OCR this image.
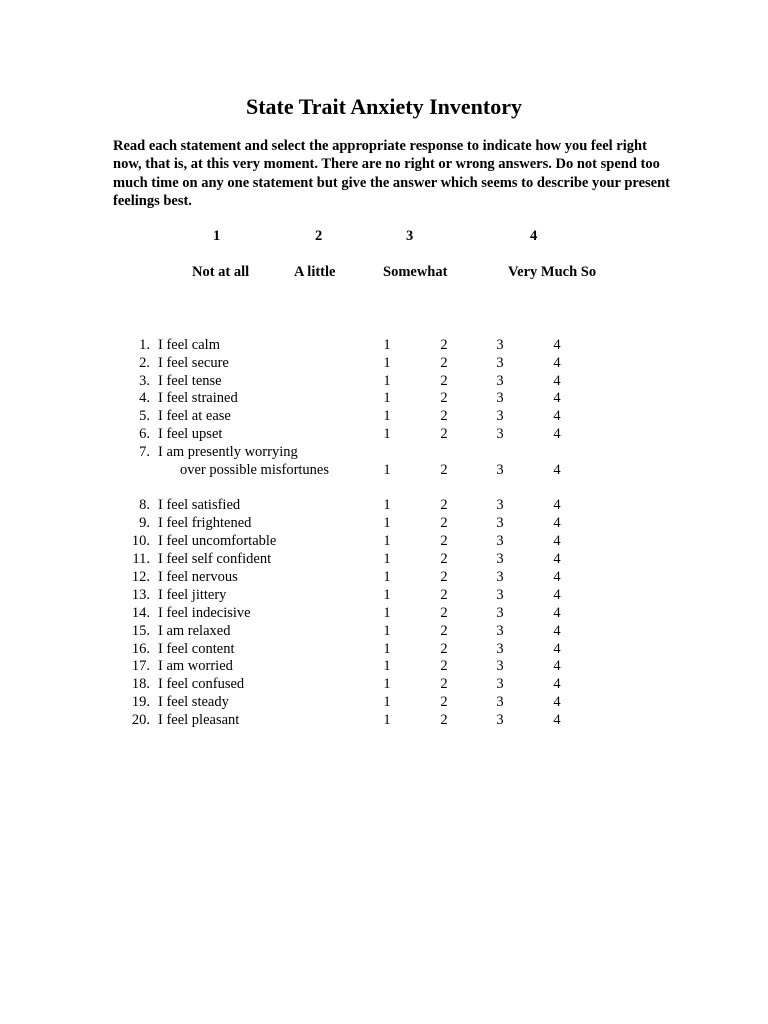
State Trait Anxiety Inventory

Read each statement and select the appropriate response to indicate how you feel right now, that is, at this very moment. There are no right or wrong answers. Do not spend too much time on any one statement but give the answer which seems to describe your present feelings best.

1	2	3	4
Not at all	A little	Somewhat	Very Much So
1. I feel calm	1	2	3	4
2. I feel secure	1	2	3	4
3. I feel tense	1	2	3	4
4. I feel strained	1	2	3	4
5. I feel at ease	1	2	3	4
6. I feel upset	1	2	3	4
7. I am presently worrying
over possible misfortunes	1	2	3	4
8. I feel satisfied	1	2	3	4
9. I feel frightened	1	2	3	4
10. I feel uncomfortable	1	2	3	4
11. I feel self confident	1	2	3	4
12. I feel nervous	1	2	3	4
13. I feel jittery	1	2	3	4
14. I feel indecisive	1	2	3	4
15. I am relaxed	1	2	3	4
16. I feel content	1	2	3	4
17. I am worried	1	2	3	4
18. I feel confused	1	2	3	4
19. I feel steady	1	2	3	4
20. I feel pleasant	1	2	3	4
